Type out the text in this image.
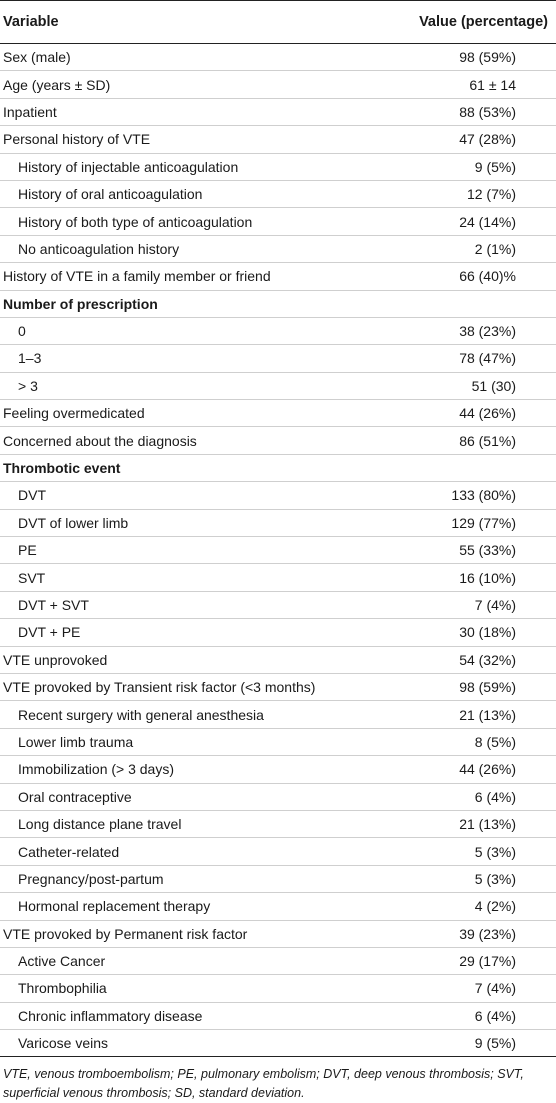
Variable	Value (percentage)
Sex (male)	98 (59%)
Age (years ± SD)	61 ± 14
Inpatient	88 (53%)
Personal history of VTE	47 (28%)
History of injectable anticoagulation	9 (5%)
History of oral anticoagulation	12 (7%)
History of both type of anticoagulation	24 (14%)
No anticoagulation history	2 (1%)
History of VTE in a family member or friend	66 (40)%
Number of prescription	
0	38 (23%)
1–3	78 (47%)
> 3	51 (30)
Feeling overmedicated	44 (26%)
Concerned about the diagnosis	86 (51%)
Thrombotic event	
DVT	133 (80%)
DVT of lower limb	129 (77%)
PE	55 (33%)
SVT	16 (10%)
DVT + SVT	7 (4%)
DVT + PE	30 (18%)
VTE unprovoked	54 (32%)
VTE provoked by Transient risk factor (<3 months)	98 (59%)
Recent surgery with general anesthesia	21 (13%)
Lower limb trauma	8 (5%)
Immobilization (> 3 days)	44 (26%)
Oral contraceptive	6 (4%)
Long distance plane travel	21 (13%)
Catheter-related	5 (3%)
Pregnancy/post-partum	5 (3%)
Hormonal replacement therapy	4 (2%)
VTE provoked by Permanent risk factor	39 (23%)
Active Cancer	29 (17%)
Thrombophilia	7 (4%)
Chronic inflammatory disease	6 (4%)
Varicose veins	9 (5%)
VTE, venous tromboembolism; PE, pulmonary embolism; DVT, deep venous thrombosis; SVT, superficial venous thrombosis; SD, standard deviation.
